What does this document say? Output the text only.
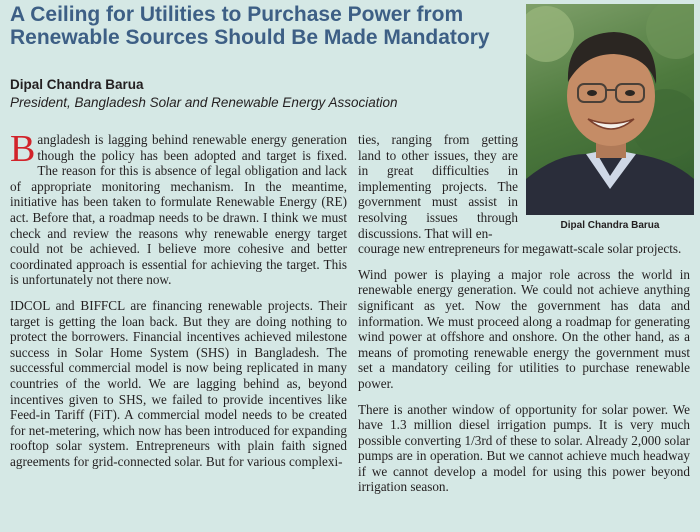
A Ceiling for Utilities to Purchase Power from Renewable Sources Should Be Made Mandatory
Dipal Chandra Barua
President, Bangladesh Solar and Renewable Energy Association
Dipal Chandra Barua

Bangladesh is lagging behind renewable energy generation though the policy has been adopted and target is fixed. The reason for this is absence of legal obligation and lack of appropriate monitoring mechanism. In the meantime, initiative has been taken to formulate Renewable Energy (RE) act. Before that, a roadmap needs to be drawn. I think we must check and review the reasons why renewable energy target could not be achieved. I believe more cohesive and better coordinated approach is essential for achieving the target. This is unfortunately not there now.

IDCOL and BIFFCL are financing renewable projects. Their target is getting the loan back. But they are doing nothing to protect the borrowers. Financial incentives achieved milestone success in Solar Home System (SHS) in Bangladesh. The successful commercial model is now being replicated in many countries of the world. We are lagging behind as, beyond incentives given to SHS, we failed to provide incentives like Feed-in Tariff (FiT). A commercial model needs to be created for net-metering, which now has been introduced for expanding rooftop solar system. Entrepreneurs with plain faith signed agreements for grid-connected solar. But for various complexi-

ties, ranging from getting land to other issues, they are in great difficulties in implementing projects. The government must assist in resolving issues through discussions. That will en-

courage new entrepreneurs for megawatt-scale solar projects.

Wind power is playing a major role across the world in renewable energy generation. We could not achieve anything significant as yet. Now the government has data and information. We must proceed along a roadmap for generating wind power at offshore and onshore. On the other hand, as a means of promoting renewable energy the government must set a mandatory ceiling for utilities to purchase renewable power.

There is another window of opportunity for solar power. We have 1.3 million diesel irrigation pumps. It is very much possible converting 1/3rd of these to solar. Already 2,000 solar pumps are in operation. But we cannot achieve much headway if we cannot develop a model for using this power beyond irrigation season.
